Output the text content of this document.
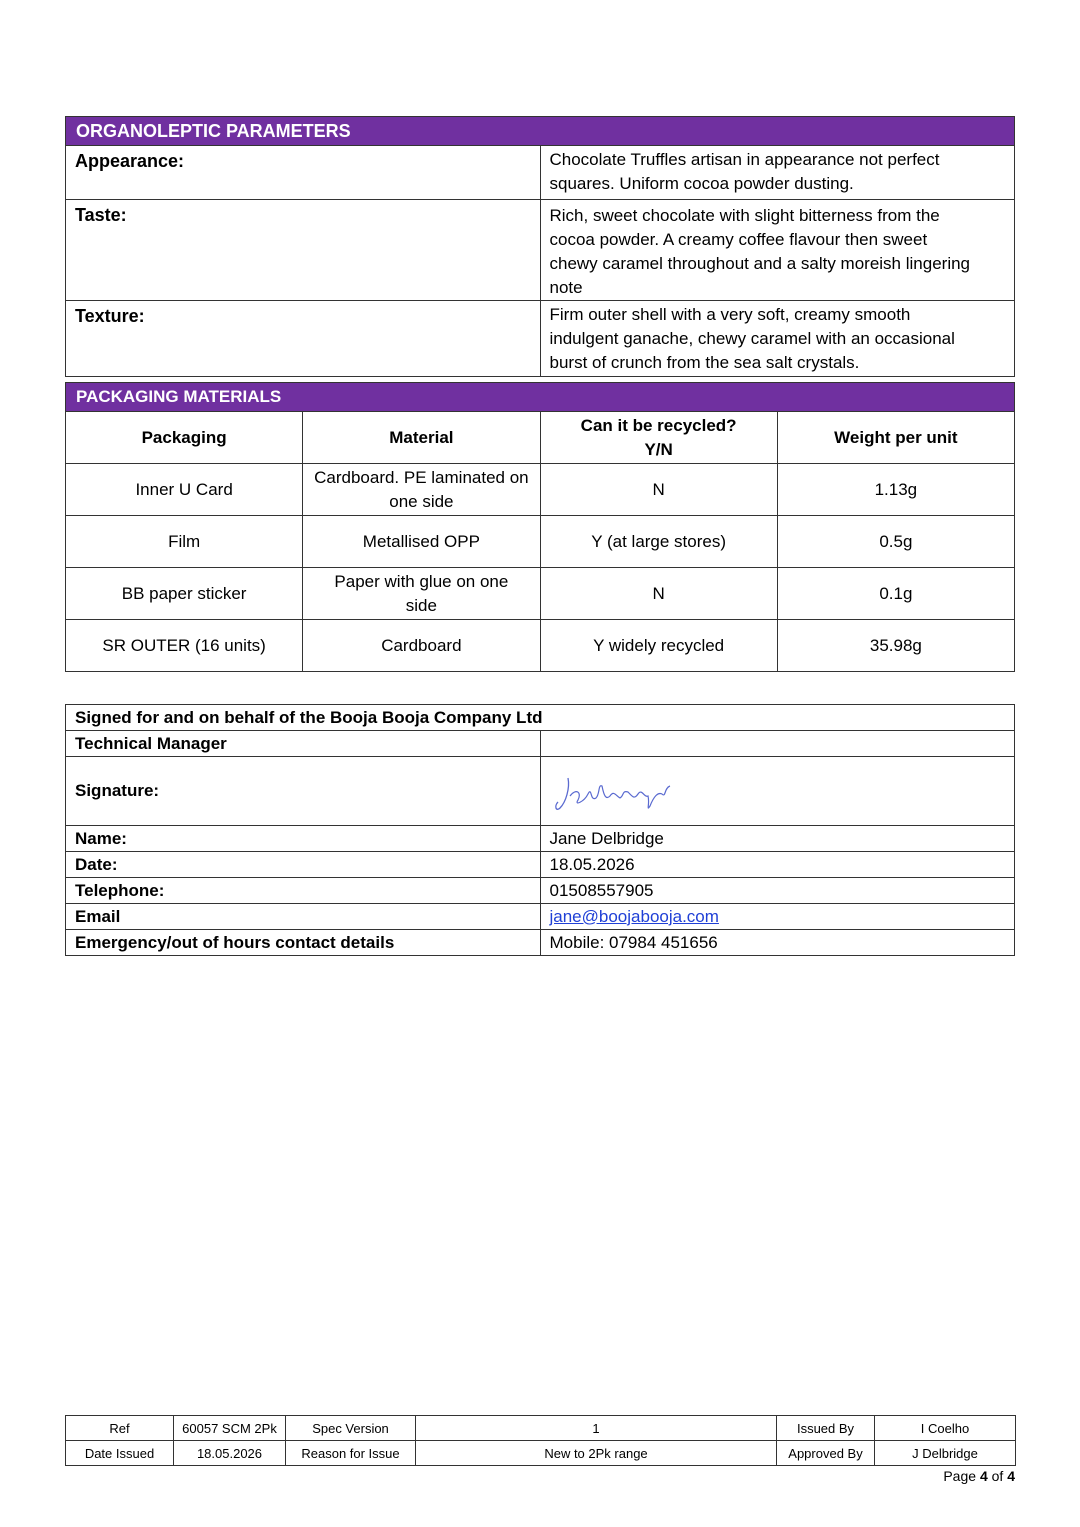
ORGANOLEPTIC PARAMETERS	
Appearance:	Chocolate Truffles artisan in appearance not perfect squares. Uniform cocoa powder dusting.
Taste:	Rich, sweet chocolate with slight bitterness from the cocoa powder. A creamy coffee flavour then sweet chewy caramel throughout and a salty moreish lingering note
Texture:	Firm outer shell with a very soft, creamy smooth indulgent ganache, chewy caramel with an occasional burst of crunch from the sea salt crystals.
PACKAGING MATERIALS			
Packaging	Material	Can it be recycled? Y/N	Weight per unit
Inner U Card	Cardboard. PE laminated on one side	N	1.13g
Film	Metallised OPP	Y (at large stores)	0.5g
BB paper sticker	Paper with glue on one side	N	0.1g
SR OUTER (16 units)	Cardboard	Y widely recycled	35.98g
Signed for and on behalf of the Booja Booja Company Ltd	
Technical Manager	
Signature:	

Name:	Jane Delbridge
Date:	18.05.2026
Telephone:	01508557905
Email	jane@boojabooja.com
Emergency/out of hours contact details	Mobile: 07984 451656
Ref	60057 SCM 2Pk	Spec Version	1	Issued By	I Coelho
Date Issued	18.05.2026	Reason for Issue	New to 2Pk range	Approved By	J Delbridge
Page 4 of 4
